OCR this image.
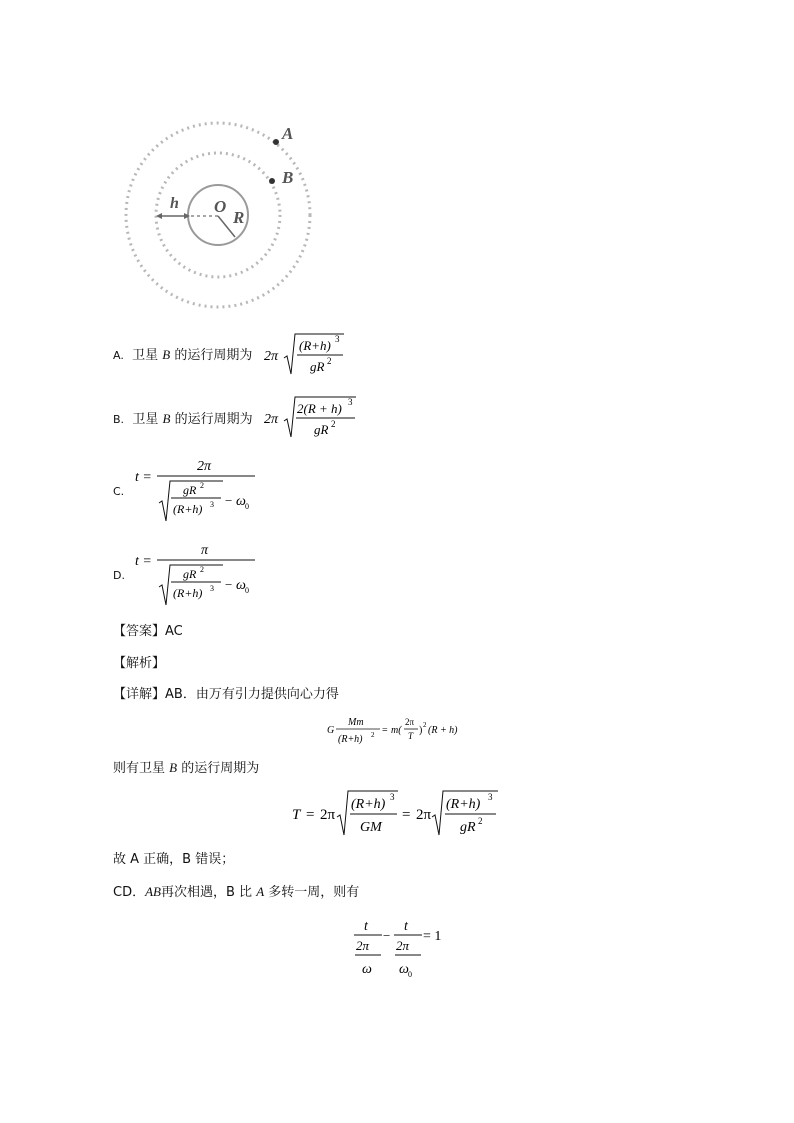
A
B
O
R
h
A. 卫星 B 的运行周期为 2π
(R+h) 3
gR 2
B. 卫星 B 的运行周期为 2π
2(R + h) 3
gR 2
C.
t =
2π
gR 2
(R+h) 3 − ω 0
D.
t =
π
gR 2
(R+h) 3 − ω 0
【答案】AC
【解析】
【详解】AB．由万有引力提供向心力得
G
Mm
(R+h) 2 = m(
2π
T ) 2 (R + h)
则有卫星 B 的运行周期为
T = 2π
(R+h) 3
GM
= 2π
(R+h) 3
gR 2
故 A 正确，B 错误；
CD．AB再次相遇，B 比 A 多转一周，则有
t
2π
ω
−
t
2π
ω 0
= 1
